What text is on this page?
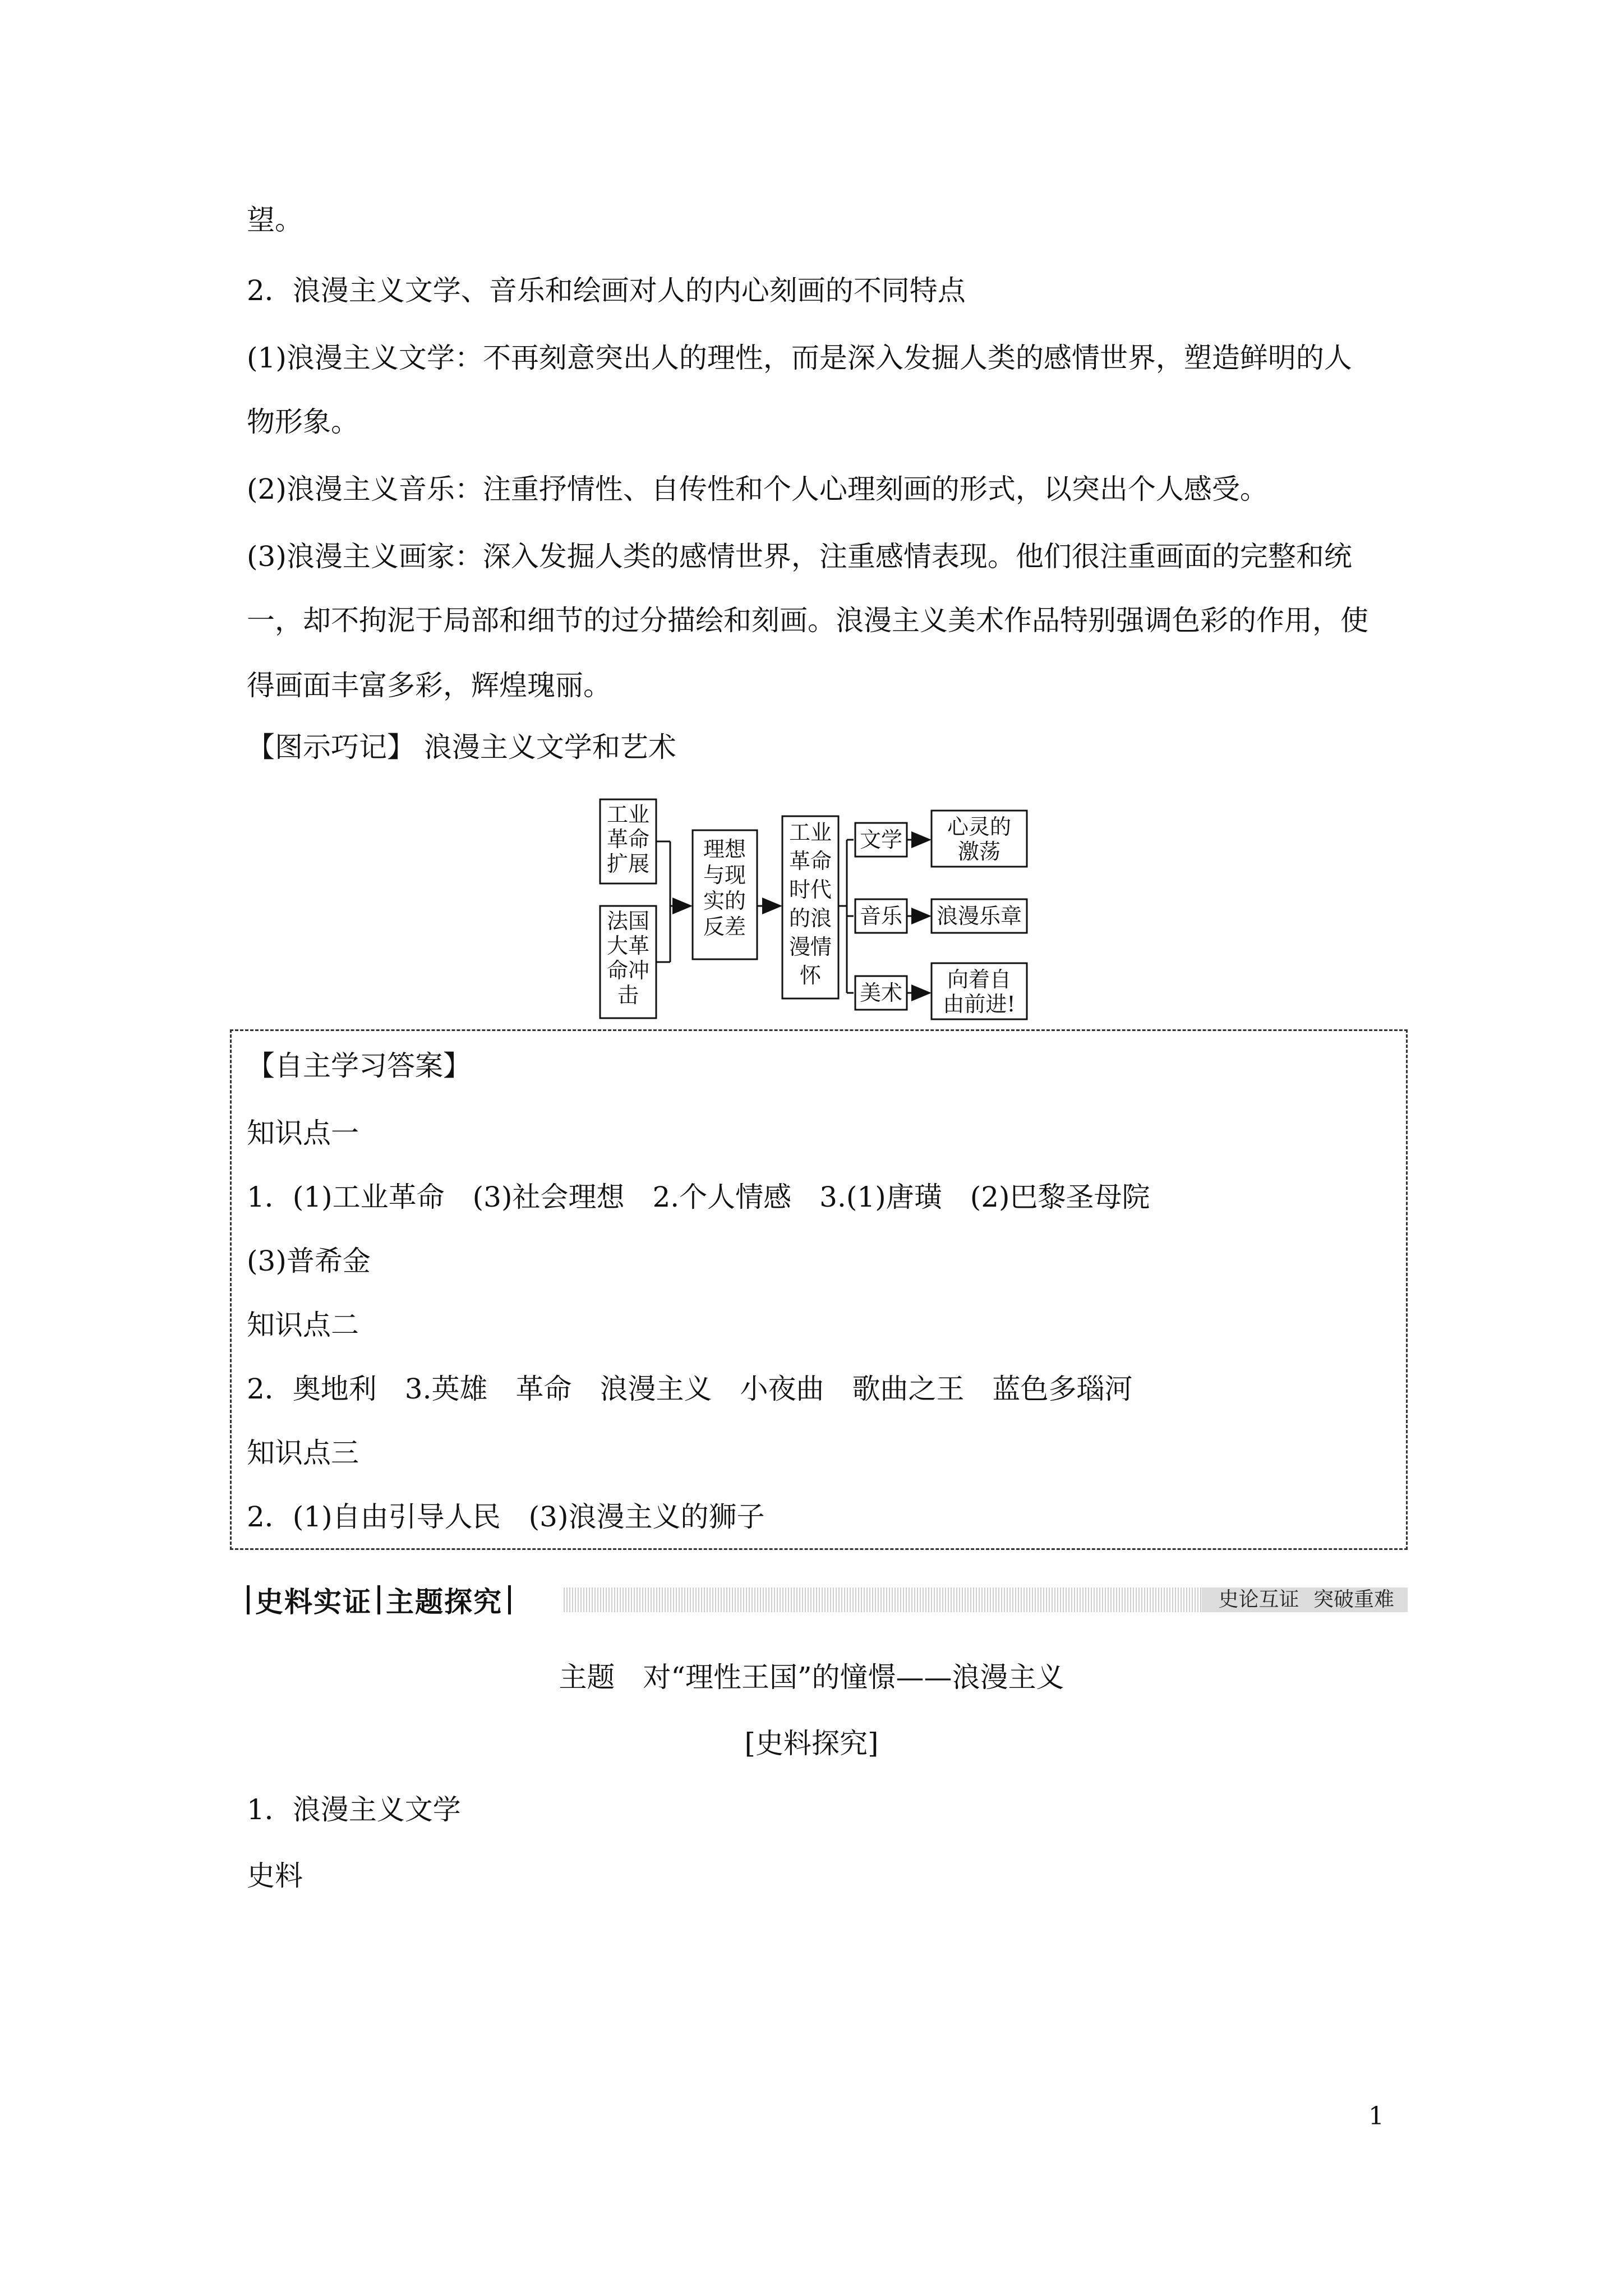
望。
2．浪漫主义文学、音乐和绘画对人的内心刻画的不同特点
(1)浪漫主义文学：不再刻意突出人的理性，而是深入发掘人类的感情世界，塑造鲜明的人
物形象。
(2)浪漫主义音乐：注重抒情性、自传性和个人心理刻画的形式，以突出个人感受。
(3)浪漫主义画家：深入发掘人类的感情世界，注重感情表现。他们很注重画面的完整和统
一，却不拘泥于局部和细节的过分描绘和刻画。浪漫主义美术作品特别强调色彩的作用，使
得画面丰富多彩，辉煌瑰丽。
【图示巧记】 浪漫主义文学和艺术
工业
革命
扩展
法国
大革
命冲
击
理想
与现
实的
反差
工业
革命
时代
的浪
漫情
怀
文学
音乐
美术
心灵的
激荡
浪漫乐章
向着自
由前进!
【自主学习答案】
知识点一
1．(1)工业革命　(3)社会理想　2.个人情感　3.(1)唐璜　(2)巴黎圣母院
(3)普希金
知识点二
2．奥地利　3.英雄　革命　浪漫主义　小夜曲　歌曲之王　蓝色多瑙河
知识点三
2．(1)自由引导人民　(3)浪漫主义的狮子
史料实证 主题探究	史论互证 突破重难
主题　对“理性王国”的憧憬——浪漫主义
[史料探究]
1．浪漫主义文学
史料
1
